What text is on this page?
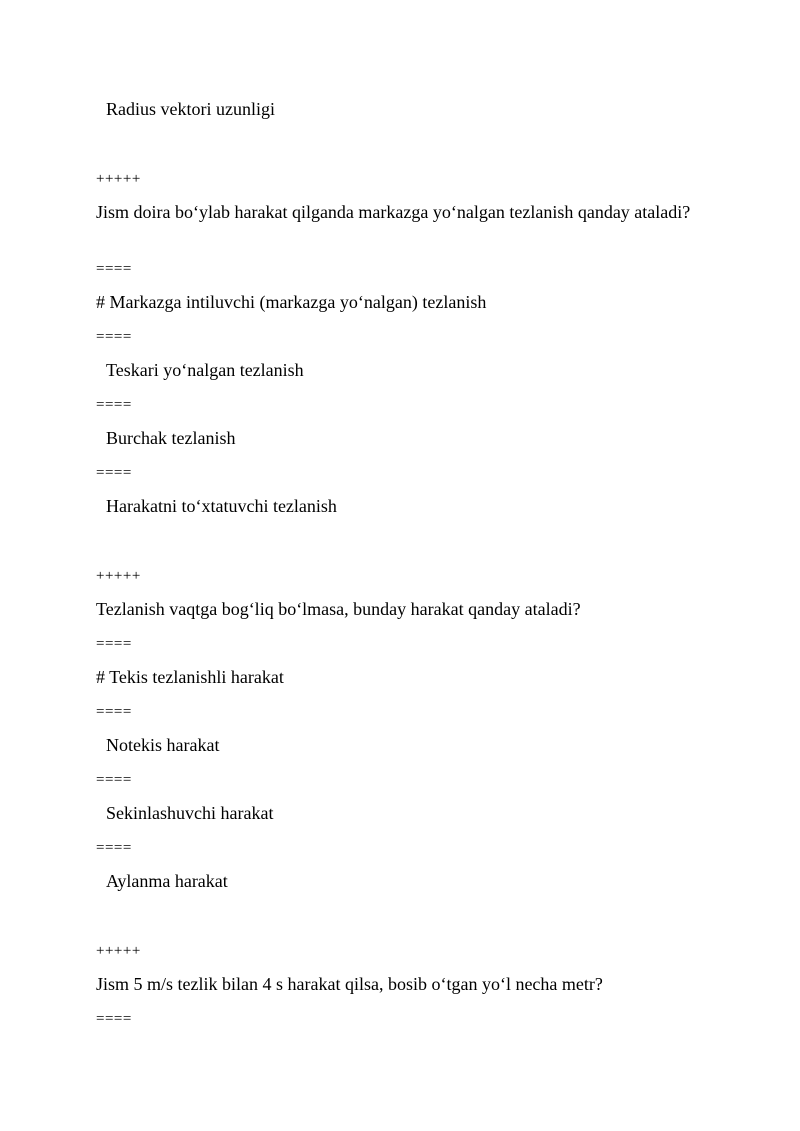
Radius vektori uzunligi
+++++
Jism doira bo‘ylab harakat qilganda markazga yo‘nalgan tezlanish qanday ataladi?
====
# Markazga intiluvchi (markazga yo‘nalgan) tezlanish
====
Teskari yo‘nalgan tezlanish
====
Burchak tezlanish
====
Harakatni to‘xtatuvchi tezlanish
+++++
Tezlanish vaqtga bog‘liq bo‘lmasa, bunday harakat qanday ataladi?
====
# Tekis tezlanishli harakat
====
Notekis harakat
====
Sekinlashuvchi harakat
====
Aylanma harakat
+++++
Jism 5 m/s tezlik bilan 4 s harakat qilsa, bosib o‘tgan yo‘l necha metr?
====
